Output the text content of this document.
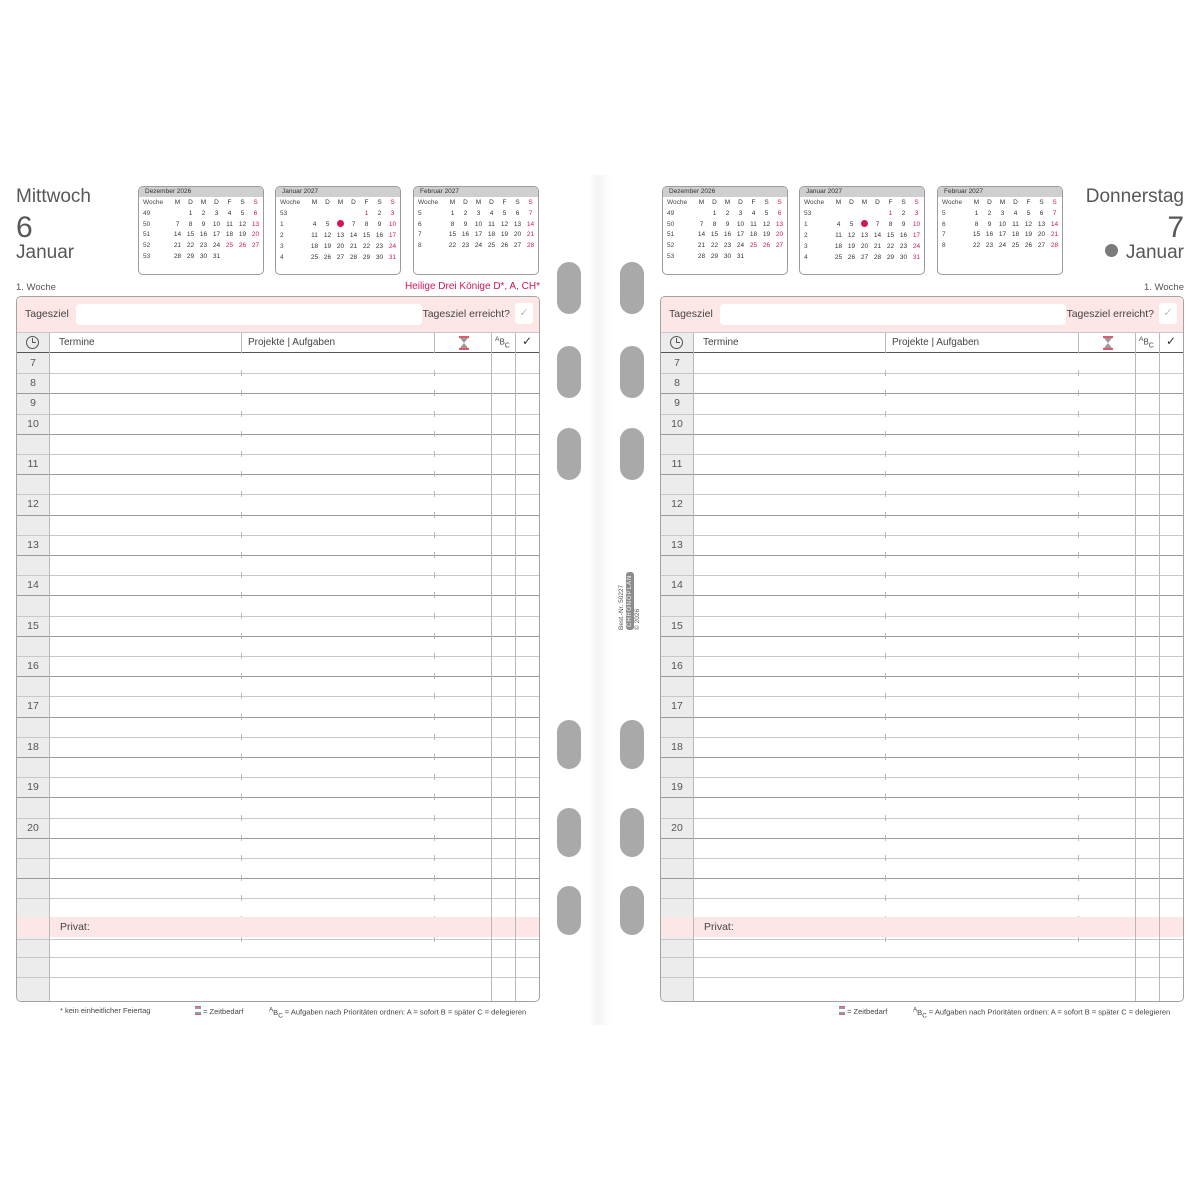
Best.-Nr. 50227 CHRONOPLAN
© 2026
Mittwoch
6
Januar
Dezember 2026
Woche	M	D	M	D	F	S	S
49		1	2	3	4	5	6
50	7	8	9	10	11	12	13
51	14	15	16	17	18	19	20
52	21	22	23	24	25	26	27
53	28	29	30	31			
Januar 2027
Woche	M	D	M	D	F	S	S
53					1	2	3
1	4	5		7	8	9	10
2	11	12	13	14	15	16	17
3	18	19	20	21	22	23	24
4	25	26	27	28	29	30	31
Februar 2027
Woche	M	D	M	D	F	S	S
5	1	2	3	4	5	6	7
6	8	9	10	11	12	13	14
7	15	16	17	18	19	20	21
8	22	23	24	25	26	27	28
1. Woche	Heilige Drei Könige D*, A, CH*
Tagesziel	Tagesziel erreicht? ✓
7
8
9
10
11
12
13
14
15
16
17
18
19
20
Privat:
Termine	Projekte | Aufgaben	$^AB_C$ ✓
* kein einheitlicher Feiertag	= Zeitbedarf	$^AB_C$ = Aufgaben nach Prioritäten ordnen: A = sofort B = später C = delegieren
Dezember 2026
Woche	M	D	M	D	F	S	S
49		1	2	3	4	5	6
50	7	8	9	10	11	12	13
51	14	15	16	17	18	19	20
52	21	22	23	24	25	26	27
53	28	29	30	31			
Januar 2027
Woche	M	D	M	D	F	S	S
53					1	2	3
1	4	5		7	8	9	10
2	11	12	13	14	15	16	17
3	18	19	20	21	22	23	24
4	25	26	27	28	29	30	31
Februar 2027
Woche	M	D	M	D	F	S	S
5	1	2	3	4	5	6	7
6	8	9	10	11	12	13	14
7	15	16	17	18	19	20	21
8	22	23	24	25	26	27	28
Donnerstag
7
Januar
1. Woche
Tagesziel	Tagesziel erreicht? ✓
7
8
9
10
11
12
13
14
15
16
17
18
19
20
Privat:
Termine	Projekte | Aufgaben	$^AB_C$ ✓
= Zeitbedarf	$^AB_C$ = Aufgaben nach Prioritäten ordnen: A = sofort B = später C = delegieren
